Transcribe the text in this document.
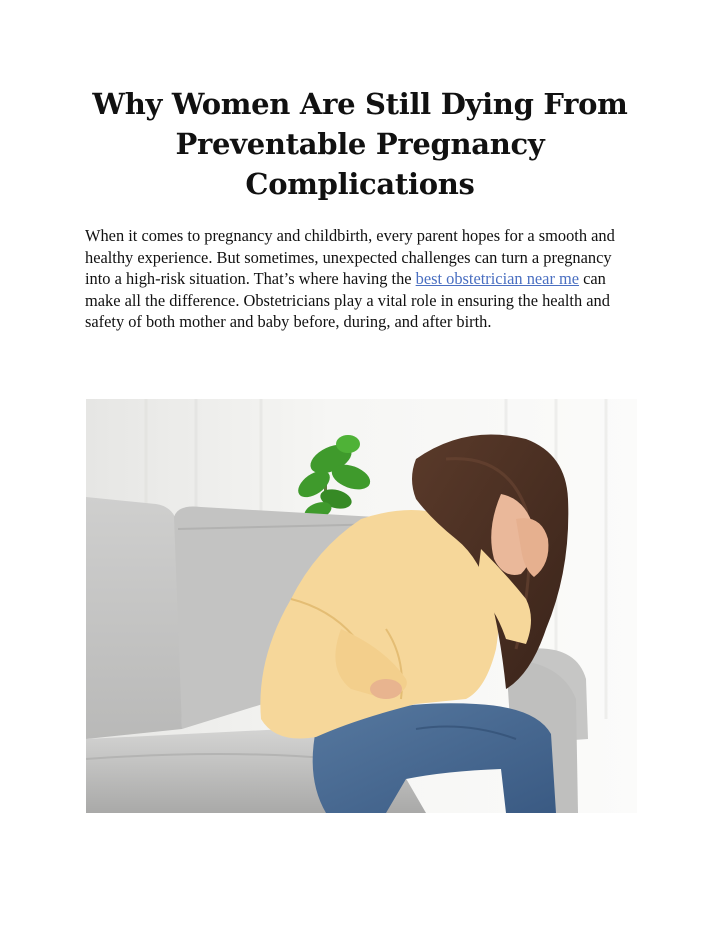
Why Women Are Still Dying From
Preventable Pregnancy
Complications

When it comes to pregnancy and childbirth, every parent hopes for a smooth and healthy experience. But sometimes, unexpected challenges can turn a pregnancy into a high-risk situation. That’s where having the best obstetrician near me can make all the difference. Obstetricians play a vital role in ensuring the health and safety of both mother and baby before, during, and after birth.
